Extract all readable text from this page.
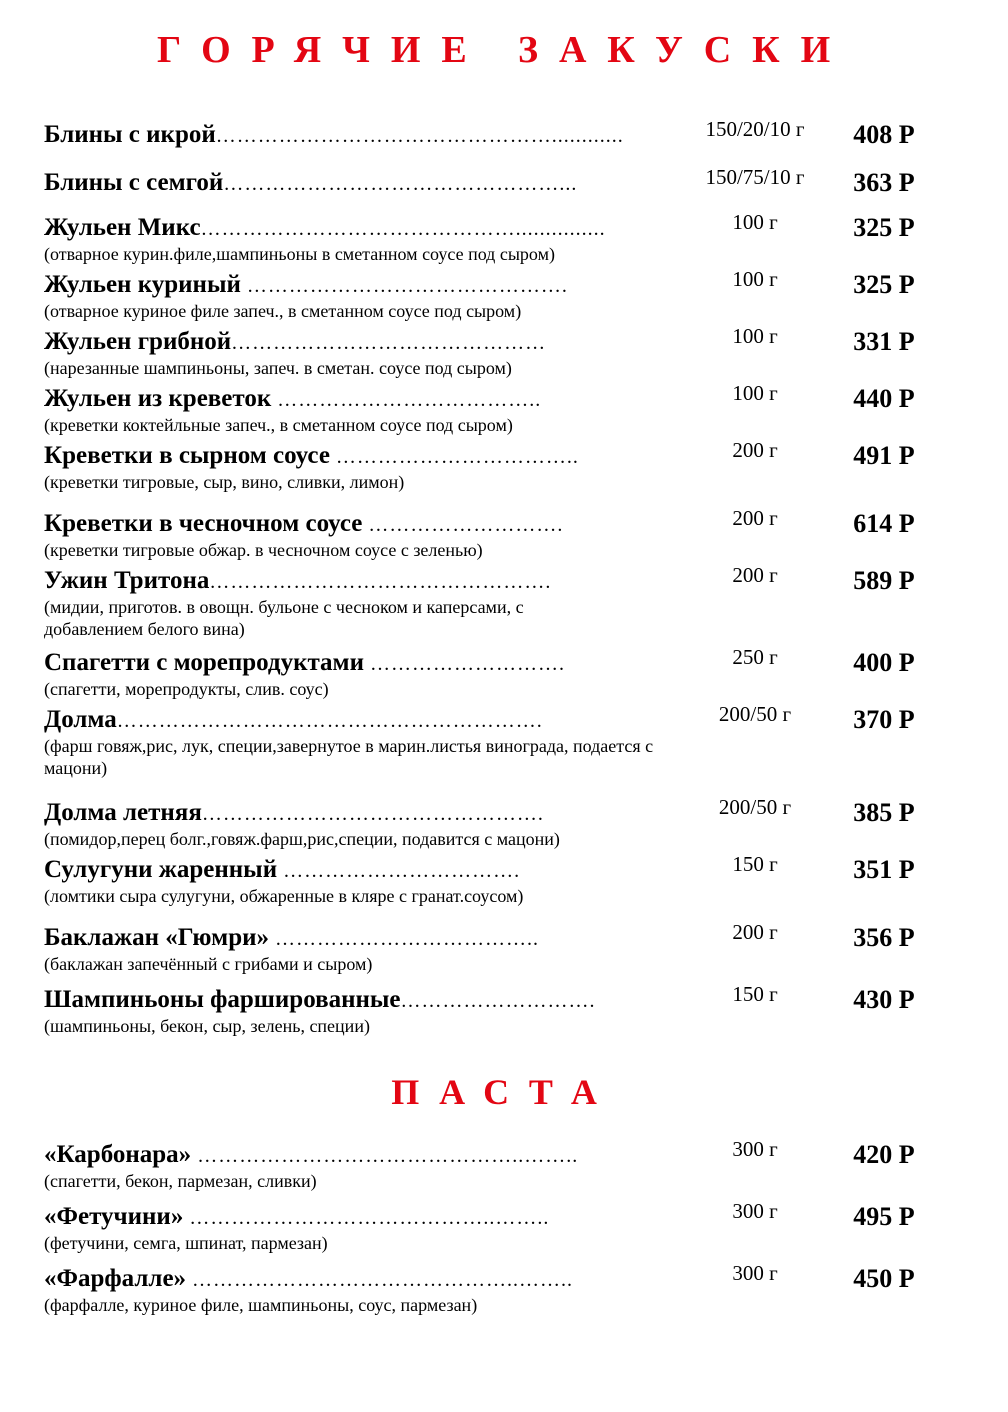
ГОРЯЧИЕ ЗАКУСКИ
Блины с икрой…………………………………………............	150/20/10 г	408 Р
Блины с семгой…………………………………………...	150/75/10 г	363 Р
Жульен Микс………………………………………...............	100 г	325 Р
(отварное курин.филе,шампиньоны в сметанном соусе под сыром)
Жульен куриный ……………………………………….	100 г	325 Р
(отварное куриное филе запеч., в сметанном соусе под сыром)
Жульен грибной………………………………………	100 г	331 Р
(нарезанные шампиньоны, запеч. в сметан. соусе под сыром)
Жульен из креветок ………………………………..	100 г	440 Р
(креветки коктейльные запеч., в сметанном соусе под сыром)
Креветки в сырном соусе ……………………………..	200 г	491 Р
(креветки тигровые, сыр, вино, сливки, лимон)
Креветки в чесночном соусе ……………………….	200 г	614 Р
(креветки тигровые обжар. в чесночном соусе с зеленью)
Ужин Тритона………………………………………….	200 г	589 Р
(мидии, приготов. в овощн. бульоне с чесноком и каперсами, с добавлением белого вина)
Спагетти с морепродуктами ……………………….	250 г	400 Р
(спагетти, морепродукты, слив. соус)
Долма…………………………………………………….	200/50 г	370 Р
(фарш говяж,рис, лук, специи,завернутое в марин.листья винограда, подается с мацони)
Долма летняя………………………………………….	200/50 г	385 Р
(помидор,перец болг.,говяж.фарш,рис,специи, подавится с мацони)
Сулугуни жаренный …………………………….	150 г	351 Р
(ломтики сыра сулугуни, обжаренные в кляре с гранат.соусом)
Баклажан «Гюмри» ………………………………..	200 г	356 Р
(баклажан запечённый с грибами и сыром)
Шампиньоны фаршированные……………………….	150 г	430 Р
(шампиньоны, бекон, сыр, зелень, специи)
ПАСТА
«Карбонара» ………………………………………..……..	300 г	420 Р
(спагетти, бекон, пармезан, сливки)
«Фетучини» ……………………………………..……..	300 г	495 Р
(фетучини, семга, шпинат, пармезан)
«Фарфалле» ………………………………………..……..	300 г	450 Р
(фарфалле, куриное филе, шампиньоны, соус, пармезан)
